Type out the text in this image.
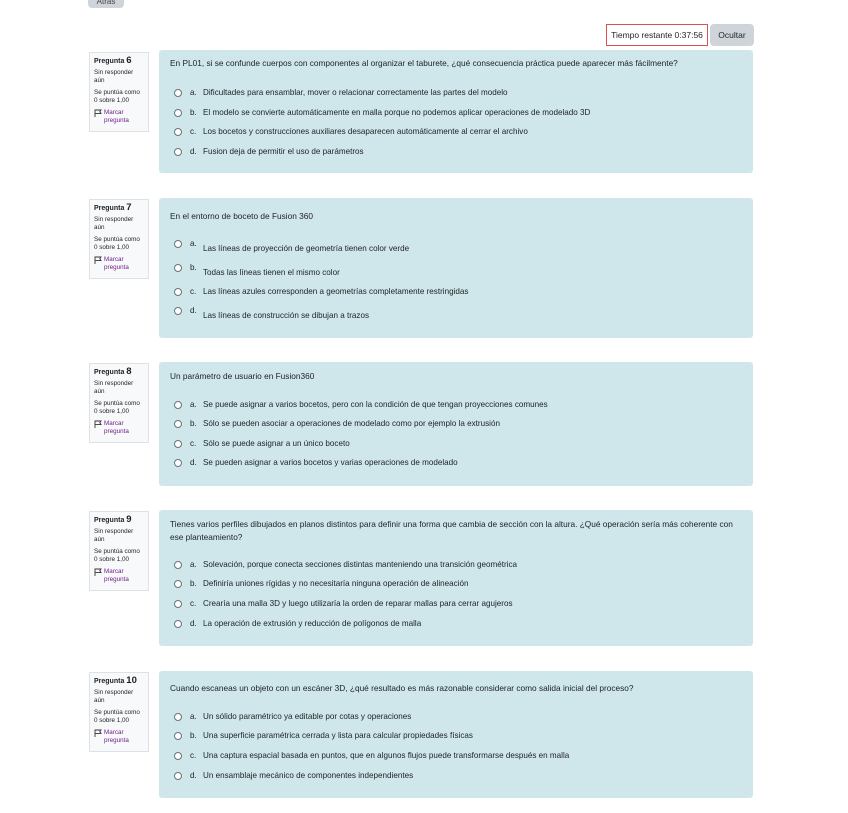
Atrás
Tiempo restante 0:37:56	Ocultar
Pregunta 6
Sin responder aún
Se puntúa como 0 sobre 1,00
Marcar pregunta
En PL01, si se confunde cuerpos con componentes al organizar el taburete, ¿qué consecuencia práctica puede aparecer más fácilmente?
a. Dificultades para ensamblar, mover o relacionar correctamente las partes del modelo
b. El modelo se convierte automáticamente en malla porque no podemos aplicar operaciones de modelado 3D
c. Los bocetos y construcciones auxiliares desaparecen automáticamente al cerrar el archivo
d. Fusion deja de permitir el uso de parámetros
Pregunta 7
Sin responder aún
Se puntúa como 0 sobre 1,00
Marcar pregunta
En el entorno de boceto de Fusion 360
a.
Las líneas de proyección de geometría tienen color verde
b.
Todas las líneas tienen el mismo color
c. Las líneas azules corresponden a geometrías completamente restringidas
d.
Las líneas de construcción se dibujan a trazos
Pregunta 8
Sin responder aún
Se puntúa como 0 sobre 1,00
Marcar pregunta
Un parámetro de usuario en Fusion360
a. Se puede asignar a varios bocetos, pero con la condición de que tengan proyecciones comunes
b. Sólo se pueden asociar a operaciones de modelado como por ejemplo la extrusión
c. Sólo se puede asignar a un único boceto
d. Se pueden asignar a varios bocetos y varias operaciones de modelado
Pregunta 9
Sin responder aún
Se puntúa como 0 sobre 1,00
Marcar pregunta
Tienes varios perfiles dibujados en planos distintos para definir una forma que cambia de sección con la altura. ¿Qué operación sería más coherente con ese planteamiento?
a. Solevación, porque conecta secciones distintas manteniendo una transición geométrica
b. Definiría uniones rígidas y no necesitaría ninguna operación de alineación
c. Crearía una malla 3D y luego utilizaría la orden de reparar mallas para cerrar agujeros
d. La operación de extrusión y reducción de polígonos de malla
Pregunta 10
Sin responder aún
Se puntúa como 0 sobre 1,00
Marcar pregunta
Cuando escaneas un objeto con un escáner 3D, ¿qué resultado es más razonable considerar como salida inicial del proceso?
a. Un sólido paramétrico ya editable por cotas y operaciones
b. Una superficie paramétrica cerrada y lista para calcular propiedades físicas
c. Una captura espacial basada en puntos, que en algunos flujos puede transformarse después en malla
d. Un ensamblaje mecánico de componentes independientes
